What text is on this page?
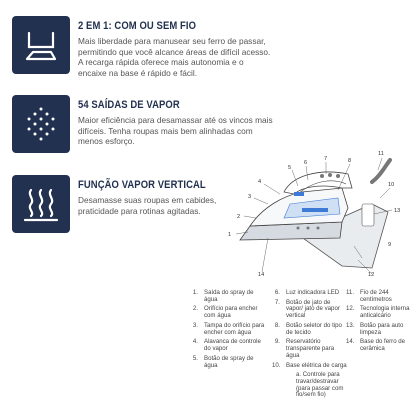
2 EM 1: COM OU SEM FIO
Mais liberdade para manusear seu ferro de passar,
permitindo que você alcance áreas de difícil acesso.
A recarga rápida oferece mais autonomia e o
encaixe na base é rápido e fácil.
54 SAÍDAS DE VAPOR
Maior eficiência para desamassar até os vincos mais
difíceis. Tenha roupas mais bem alinhadas com
menos esforço.
FUNÇÃO VAPOR VERTICAL
Desamasse suas roupas em cabides,
praticidade para rotinas agitadas.
1
2
3
4
5
6
7	8
9
10
11
12
13
14
1. Saída do spray de
água
2. Orifício para encher
com água
3. Tampa do orifício para
encher com água
4. Alavanca de controle
do vapor
5. Botão de spray de
água
6. Luz indicadora LED
7. Botão de jato de
vapor/ jato de vapor
vertical
8. Botão seletor do tipo
de tecido
9. Reservatório
transparente para
água
10. Base elétrica de carga
a. Controle para
travar/destravar
(para passar com
fio/sem fio)
11. Fio de 244
centímetros
12. Tecnologia interna
anticalcário
13. Botão para auto
limpeza
14. Base do ferro de
cerâmica
